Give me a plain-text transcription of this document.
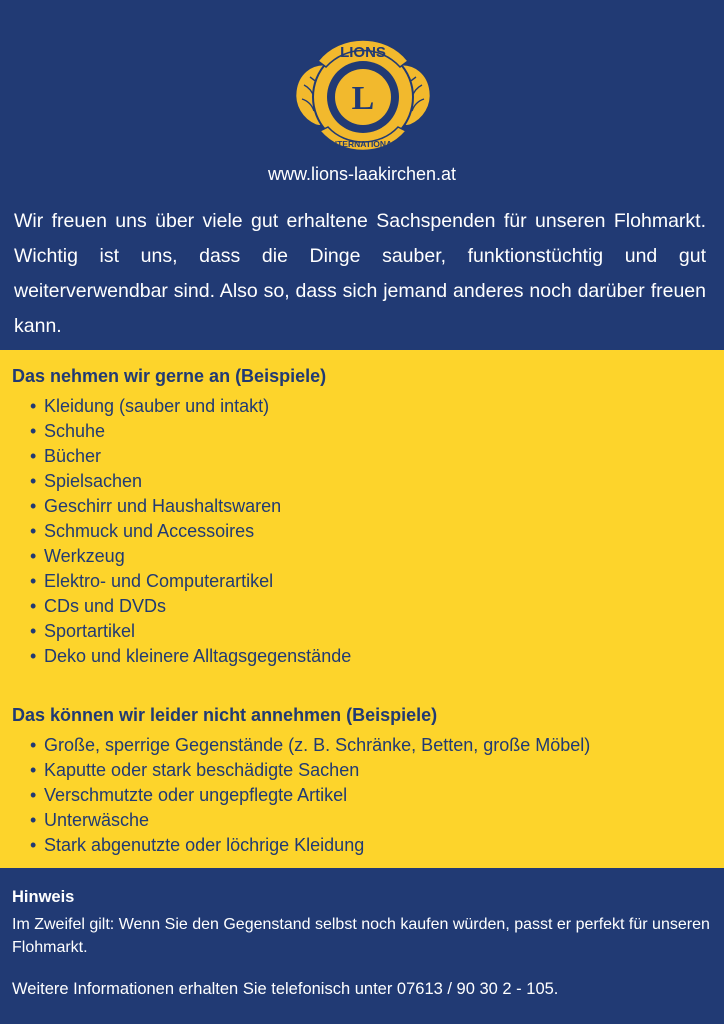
LIONS
L
INTERNATIONAL
www.lions-laakirchen.at

Wir freuen uns über viele gut erhaltene Sachspenden für unseren Flohmarkt. Wichtig ist uns, dass die Dinge sauber, funktionstüchtig und gut weiterverwendbar sind. Also so, dass sich jemand anderes noch darüber freuen kann.

Das nehmen wir gerne an (Beispiele)
• Kleidung (sauber und intakt)
• Schuhe
• Bücher
• Spielsachen
• Geschirr und Haushaltswaren
• Schmuck und Accessoires
• Werkzeug
• Elektro- und Computerartikel
• CDs und DVDs
• Sportartikel
• Deko und kleinere Alltagsgegenstände
Das können wir leider nicht annehmen (Beispiele)
• Große, sperrige Gegenstände (z. B. Schränke, Betten, große Möbel)
• Kaputte oder stark beschädigte Sachen
• Verschmutzte oder ungepflegte Artikel
• Unterwäsche
• Stark abgenutzte oder löchrige Kleidung
Hinweis

Im Zweifel gilt: Wenn Sie den Gegenstand selbst noch kaufen würden, passt er perfekt für unseren Flohmarkt.

Weitere Informationen erhalten Sie telefonisch unter 07613 / 90 30 2 - 105.
